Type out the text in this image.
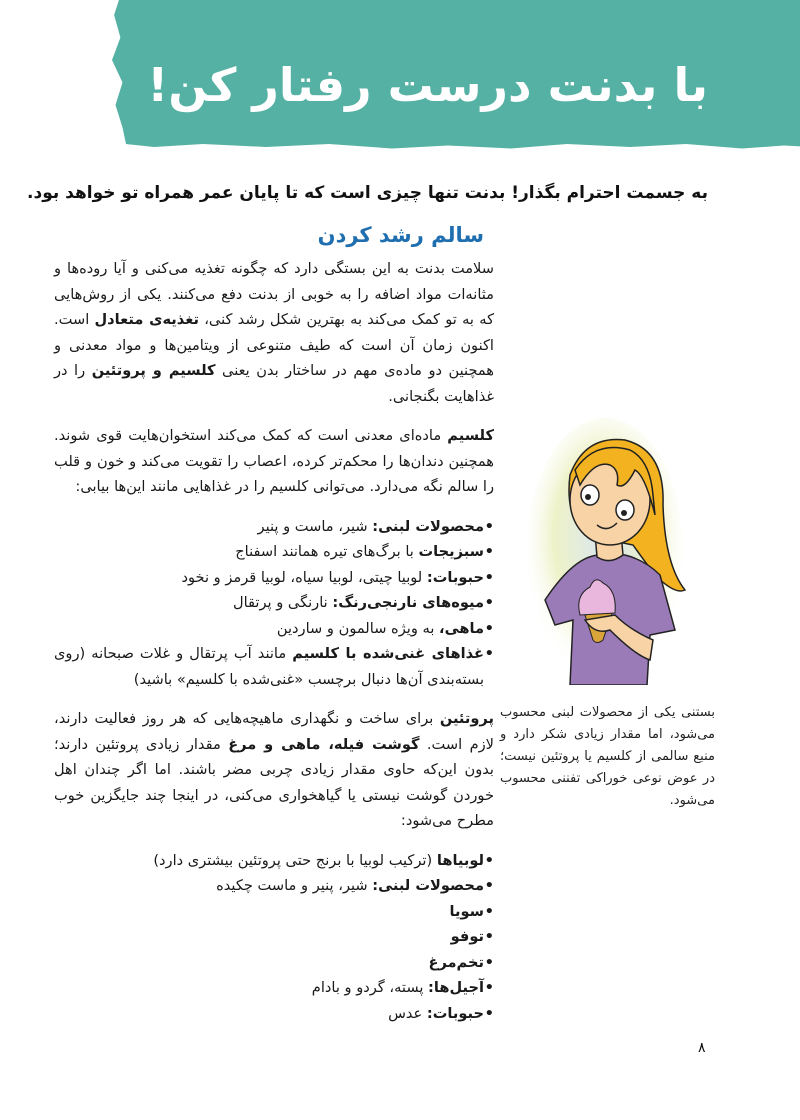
با بدنت درست رفتار کن!

به جسمت احترام بگذار! بدنت تنها چیزی است که تا پایان عمر همراه تو خواهد بود.

سالم رشد کردن

سلامت بدنت به این بستگی دارد که چگونه تغذیه می‌کنی و آیا روده‌ها و مثانه‌ات مواد اضافه را به خوبی از بدنت دفع می‌کنند. یکی از روش‌هایی که به تو کمک می‌کند به بهترین شکل رشد کنی، تغذیه‌ی متعادل است. اکنون زمان آن است که طیف متنوعی از ویتامین‌ها و مواد معدنی و همچنین دو ماده‌ی مهم در ساختار بدن یعنی کلسیم و پروتئین را در غذاهایت بگنجانی.

کلسیم ماده‌ای معدنی است که کمک می‌کند استخوان‌هایت قوی شوند. همچنین دندان‌ها را محکم‌تر کرده، اعصاب را تقویت می‌کند و خون و قلب را سالم نگه می‌دارد. می‌توانی کلسیم را در غذاهایی مانند این‌ها بیابی:

• محصولات لبنی: شیر، ماست و پنیر
• سبزیجات با برگ‌های تیره همانند اسفناج
• حبوبات: لوبیا چیتی، لوبیا سیاه، لوبیا قرمز و نخود
• میوه‌های نارنجی‌رنگ: نارنگی و پرتقال
• ماهی، به ویژه سالمون و ساردین
• غذاهای غنی‌شده با کلسیم مانند آب پرتقال و غلات صبحانه (روی بسته‌بندی آن‌ها دنبال برچسب «غنی‌شده با کلسیم» باشید)

پروتئین برای ساخت و نگهداری ماهیچه‌هایی که هر روز فعالیت دارند، لازم است. گوشت فیله، ماهی و مرغ مقدار زیادی پروتئین دارند؛ بدون این‌که حاوی مقدار زیادی چربی مضر باشند. اما اگر چندان اهل خوردن گوشت نیستی یا گیاهخواری می‌کنی، در اینجا چند جایگزین خوب مطرح می‌شود:

• لوبیاها (ترکیب لوبیا با برنج حتی پروتئین بیشتری دارد)
• محصولات لبنی: شیر، پنیر و ماست چکیده
• سویا
• توفو
• تخم‌مرغ
• آجیل‌ها: پسته، گردو و بادام
• حبوبات: عدس
بستنی یکی از محصولات لبنی محسوب می‌شود، اما مقدار زیادی شکر دارد و منبع سالمی از کلسیم یا پروتئین نیست؛ در عوض نوعی خوراکی تفننی محسوب می‌شود.
۸
